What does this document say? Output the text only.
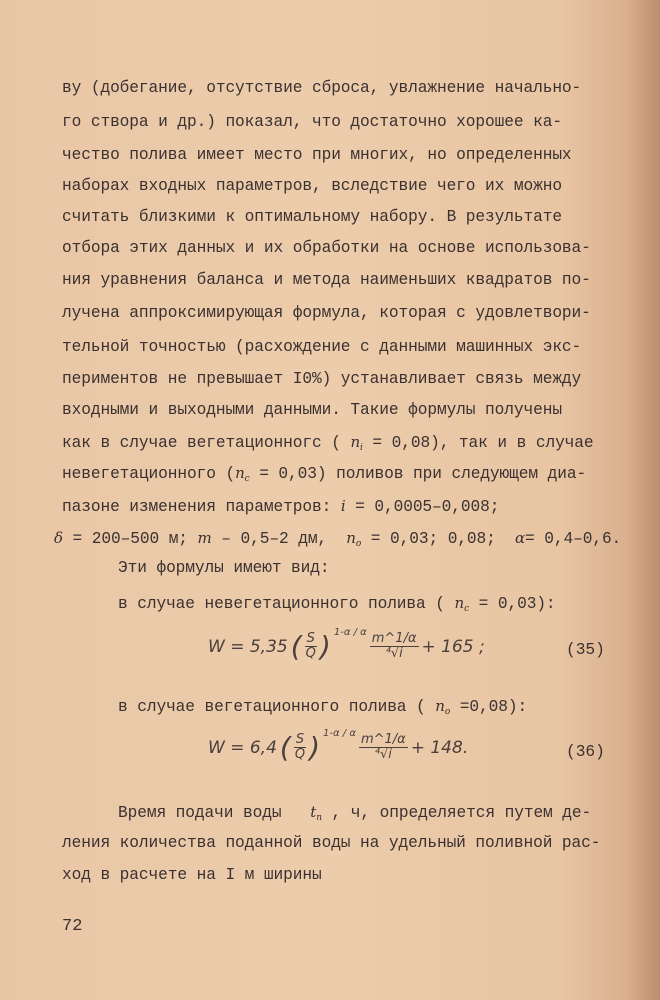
ву (добегание, отсутствие сброса, увлажнение начально-
го створа и др.) показал, что достаточно хорошее ка-
чество полива имеет место при многих, но определенных
наборах входных параметров, вследствие чего их можно
считать близкими к оптимальному набору. В результате
отбора этих данных и их обработки на основе использова-
ния уравнения баланса и метода наименьших квадратов по-
лучена аппроксимирующая формула, которая с удовлетвори-
тельной точностью (расхождение с данными машинных экс-
периментов не превышает I0%) устанавливает связь между
входными и выходными данными. Такие формулы получены
как в случае вегетационногс ( $n_i = 0,08$), так и в случае
невегетационного $(n_c = 0,03)$ поливов при следующем диа-
пазоне изменения параметров: i = 0,0005–0,008;
δ = 200–500 м; m – 0,5–2 дм,  $n_o = 0,03$; 0,08;  α= 0,4–0,6.
Эти формулы имеют вид:
в случае невегетационного полива ( $n_c = 0,03$):
W = 5,35 ( $\frac{S}{Q}$ ) 1-α / α $\frac{m\^{}1/\alpha}{\text{⁴√i}} + 165$ ;	(35)
в случае вегетационного полива ( $n_o =0,08$):
W = 6,4 ( $\frac{S}{Q}$ ) 1-α / α $\frac{m\^{}1/\alpha}{\text{⁴√i}} + 148$.	(36)
Время подачи воды   $t_n$ , ч, определяется путем де-
ления количества поданной воды на удельный поливной рас-
ход в расчете на I м ширины
72
